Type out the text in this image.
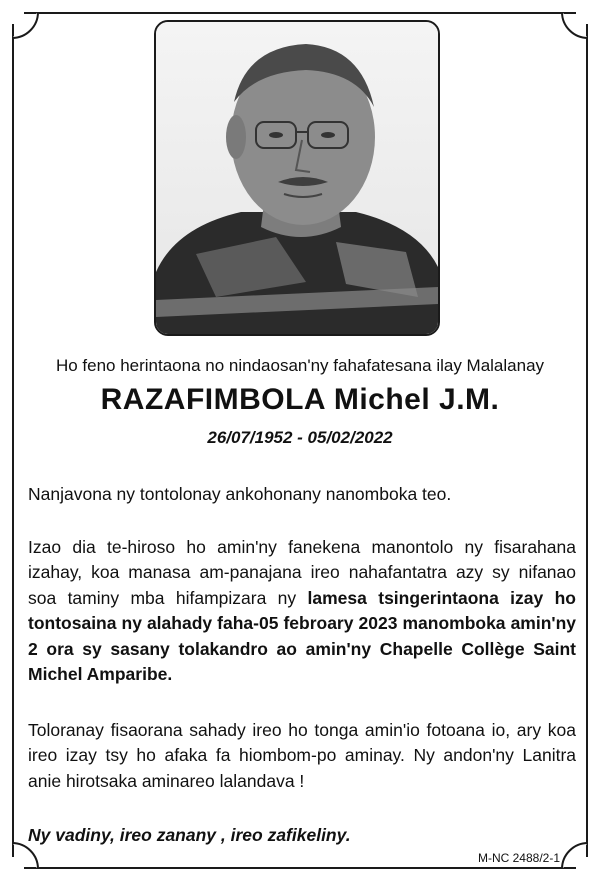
Ho feno herintaona no nindaosan'ny fahafatesana ilay Malalanay
RAZAFIMBOLA Michel J.M.
26/07/1952 - 05/02/2022
Nanjavona ny tontolonay ankohonany nanomboka teo.
Izao dia te-hiroso ho amin'ny fanekena manontolo ny fisarahana izahay, koa manasa am-panajana ireo nahafantatra azy sy nifanao soa taminy mba hifampizara ny lamesa tsingerintaona izay ho tontosaina ny alahady faha-05 febroary 2023 manomboka amin'ny 2 ora sy sasany tolakandro ao amin'ny Chapelle Collège Saint Michel Amparibe.
Toloranay fisaorana sahady ireo ho tonga amin'io fotoana io, ary koa ireo izay tsy ho afaka fa hiombom-po aminay. Ny andon'ny Lanitra anie hirotsaka aminareo lalandava !
Ny vadiny, ireo zanany , ireo zafikeliny.
M-NC 2488/2-1
